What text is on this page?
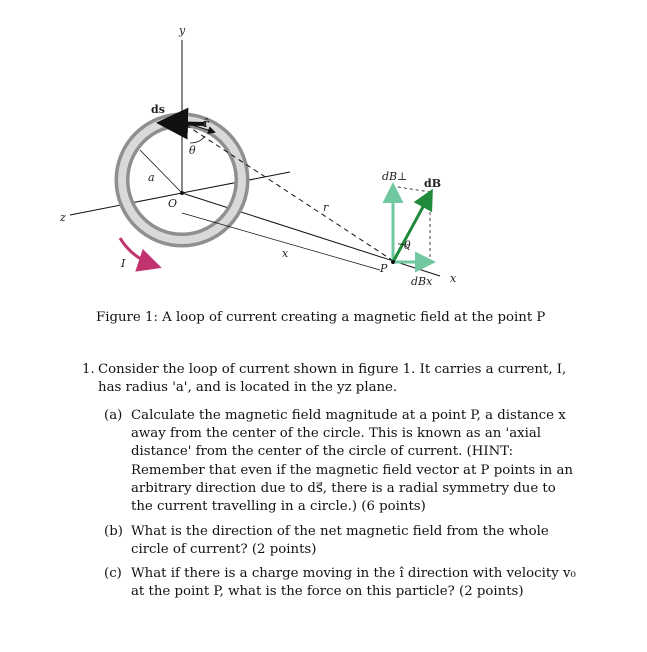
y
z
x
ds
r̂
θ
a
O	r
x
I	P
dB⊥
dB
θ
dBx
Figure 1: A loop of current creating a magnetic field at the point P
1. Consider the loop of current shown in figure 1. It carries a current, I, has radius 'a', and is located in the yz plane.
(a) Calculate the magnetic field magnitude at a point P, a distance x away from the center of the circle. This is known as an 'axial distance' from the center of the circle of current. (HINT: Remember that even if the magnetic field vector at P points in an arbitrary direction due to ds⃗, there is a radial symmetry due to the current travelling in a circle.) (6 points)
(b) What is the direction of the net magnetic field from the whole circle of current? (2 points)
(c) What if there is a charge moving in the î direction with velocity v₀ at the point P, what is the force on this particle? (2 points)
